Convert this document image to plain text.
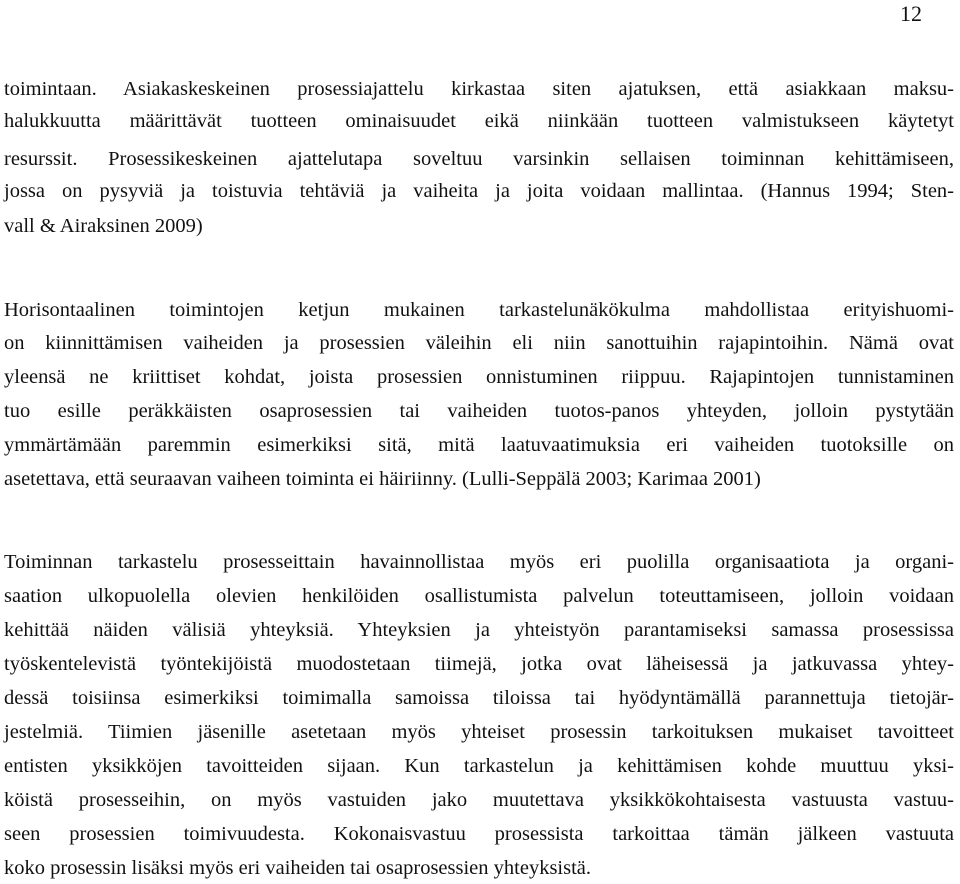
12
toimintaan. Asiakaskeskeinen prosessiajattelu kirkastaa siten ajatuksen, että asiakkaan maksu-
halukkuutta määrittävät tuotteen ominaisuudet eikä niinkään tuotteen valmistukseen käytetyt
resurssit. Prosessikeskeinen ajattelutapa soveltuu varsinkin sellaisen toiminnan kehittämiseen,
jossa on pysyviä ja toistuvia tehtäviä ja vaiheita ja joita voidaan mallintaa. (Hannus 1994; Sten-
vall & Airaksinen 2009)
Horisontaalinen toimintojen ketjun mukainen tarkastelunäkökulma mahdollistaa erityishuomi-
on kiinnittämisen vaiheiden ja prosessien väleihin eli niin sanottuihin rajapintoihin. Nämä ovat
yleensä ne kriittiset kohdat, joista prosessien onnistuminen riippuu. Rajapintojen tunnistaminen
tuo esille peräkkäisten osaprosessien tai vaiheiden tuotos-panos yhteyden, jolloin pystytään
ymmärtämään paremmin esimerkiksi sitä, mitä laatuvaatimuksia eri vaiheiden tuotoksille on
asetettava, että seuraavan vaiheen toiminta ei häiriinny. (Lulli-Seppälä 2003; Karimaa 2001)
Toiminnan tarkastelu prosesseittain havainnollistaa myös eri puolilla organisaatiota ja organi-
saation ulkopuolella olevien henkilöiden osallistumista palvelun toteuttamiseen, jolloin voidaan
kehittää näiden välisiä yhteyksiä. Yhteyksien ja yhteistyön parantamiseksi samassa prosessissa
työskentelevistä työntekijöistä muodostetaan tiimejä, jotka ovat läheisessä ja jatkuvassa yhtey-
dessä toisiinsa esimerkiksi toimimalla samoissa tiloissa tai hyödyntämällä parannettuja tietojär-
jestelmiä. Tiimien jäsenille asetetaan myös yhteiset prosessin tarkoituksen mukaiset tavoitteet
entisten yksikköjen tavoitteiden sijaan. Kun tarkastelun ja kehittämisen kohde muuttuu yksi-
köistä prosesseihin, on myös vastuiden jako muutettava yksikkökohtaisesta vastuusta vastuu-
seen prosessien toimivuudesta. Kokonaisvastuu prosessista tarkoittaa tämän jälkeen vastuuta
koko prosessin lisäksi myös eri vaiheiden tai osaprosessien yhteyksistä.
